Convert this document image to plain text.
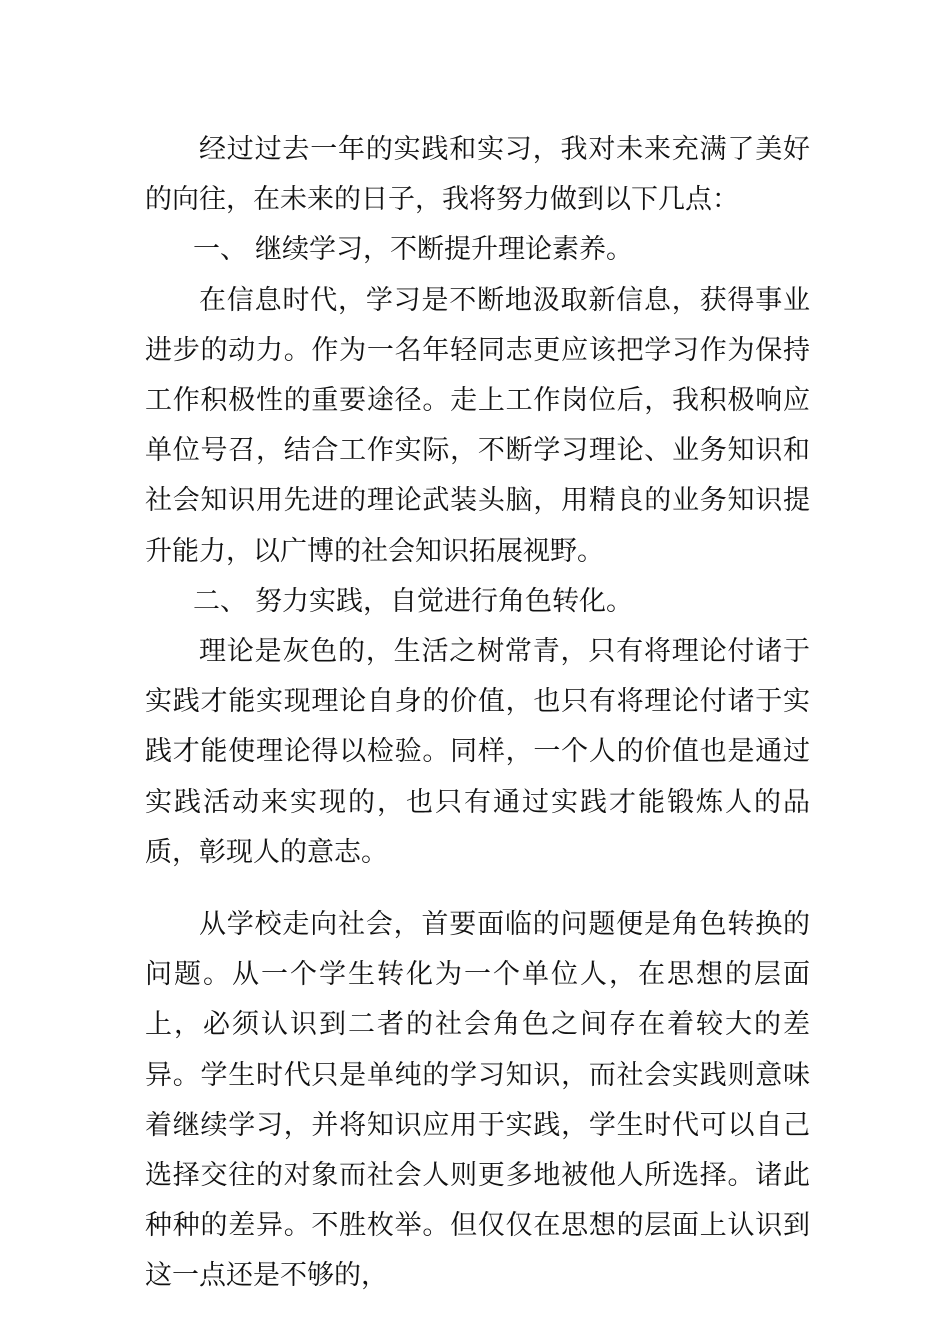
经过过去一年的实践和实习，我对未来充满了美好的向往，在未来的日子，我将努力做到以下几点：

一、 继续学习，不断提升理论素养。

在信息时代，学习是不断地汲取新信息，获得事业进步的动力。作为一名年轻同志更应该把学习作为保持工作积极性的重要途径。走上工作岗位后，我积极响应单位号召，结合工作实际，不断学习理论、业务知识和社会知识用先进的理论武装头脑，用精良的业务知识提升能力，以广博的社会知识拓展视野。

二、 努力实践，自觉进行角色转化。

理论是灰色的，生活之树常青，只有将理论付诸于实践才能实现理论自身的价值，也只有将理论付诸于实践才能使理论得以检验。同样，一个人的价值也是通过实践活动来实现的，也只有通过实践才能锻炼人的品质，彰现人的意志。

从学校走向社会，首要面临的问题便是角色转换的问题。从一个学生转化为一个单位人，在思想的层面上，必须认识到二者的社会角色之间存在着较大的差异。学生时代只是单纯的学习知识，而社会实践则意味着继续学习，并将知识应用于实践，学生时代可以自己选择交往的对象而社会人则更多地被他人所选择。诸此种种的差异。不胜枚举。但仅仅在思想的层面上认识到这一点还是不够的，
